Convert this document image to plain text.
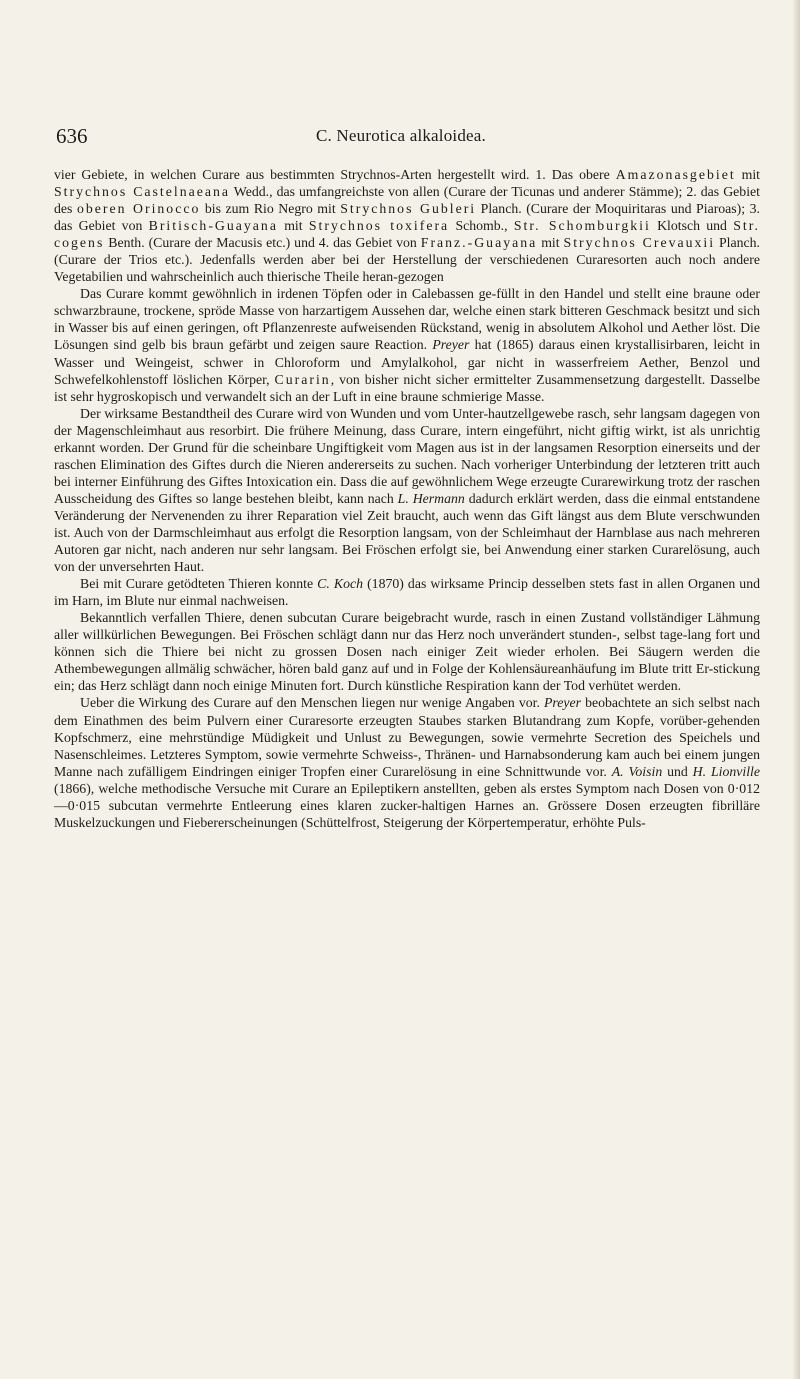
636	C. Neurotica alkaloidea.

vier Gebiete, in welchen Curare aus bestimmten Strychnos-Arten hergestellt wird. 1. Das obere Amazonasgebiet mit Strychnos Castelnaeana Wedd., das umfangreichste von allen (Curare der Ticunas und anderer Stämme); 2. das Gebiet des oberen Orinocco bis zum Rio Negro mit Strychnos Gubleri Planch. (Curare der Moquiritaras und Piaroas); 3. das Gebiet von Britisch-Guayana mit Strychnos toxifera Schomb., Str. Schomburgkii Klotsch und Str. cogens Benth. (Curare der Macusis etc.) und 4. das Gebiet von Franz.-Guayana mit Strychnos Crevauxii Planch. (Curare der Trios etc.). Jedenfalls werden aber bei der Herstellung der verschiedenen Curaresorten auch noch andere Vegetabilien und wahrscheinlich auch thierische Theile heran-gezogen

Das Curare kommt gewöhnlich in irdenen Töpfen oder in Calebassen ge-füllt in den Handel und stellt eine braune oder schwarzbraune, trockene, spröde Masse von harzartigem Aussehen dar, welche einen stark bitteren Geschmack besitzt und sich in Wasser bis auf einen geringen, oft Pflanzenreste aufweisenden Rückstand, wenig in absolutem Alkohol und Aether löst. Die Lösungen sind gelb bis braun gefärbt und zeigen saure Reaction. Preyer hat (1865) daraus einen krystallisirbaren, leicht in Wasser und Weingeist, schwer in Chloroform und Amylalkohol, gar nicht in wasserfreiem Aether, Benzol und Schwefelkohlenstoff löslichen Körper, Curarin, von bisher nicht sicher ermittelter Zusammensetzung dargestellt. Dasselbe ist sehr hygroskopisch und verwandelt sich an der Luft in eine braune schmierige Masse.

Der wirksame Bestandtheil des Curare wird von Wunden und vom Unter-hautzellgewebe rasch, sehr langsam dagegen von der Magenschleimhaut aus resorbirt. Die frühere Meinung, dass Curare, intern eingeführt, nicht giftig wirkt, ist als unrichtig erkannt worden. Der Grund für die scheinbare Ungiftigkeit vom Magen aus ist in der langsamen Resorption einerseits und der raschen Elimination des Giftes durch die Nieren andererseits zu suchen. Nach vorheriger Unterbindung der letzteren tritt auch bei interner Einführung des Giftes Intoxication ein. Dass die auf gewöhnlichem Wege erzeugte Curarewirkung trotz der raschen Ausscheidung des Giftes so lange bestehen bleibt, kann nach L. Hermann dadurch erklärt werden, dass die einmal entstandene Veränderung der Nervenenden zu ihrer Reparation viel Zeit braucht, auch wenn das Gift längst aus dem Blute verschwunden ist. Auch von der Darmschleimhaut aus erfolgt die Resorption langsam, von der Schleimhaut der Harnblase aus nach mehreren Autoren gar nicht, nach anderen nur sehr langsam. Bei Fröschen erfolgt sie, bei Anwendung einer starken Curarelösung, auch von der unversehrten Haut.

Bei mit Curare getödteten Thieren konnte C. Koch (1870) das wirksame Princip desselben stets fast in allen Organen und im Harn, im Blute nur einmal nachweisen.

Bekanntlich verfallen Thiere, denen subcutan Curare beigebracht wurde, rasch in einen Zustand vollständiger Lähmung aller willkürlichen Bewegungen. Bei Fröschen schlägt dann nur das Herz noch unverändert stunden-, selbst tage-lang fort und können sich die Thiere bei nicht zu grossen Dosen nach einiger Zeit wieder erholen. Bei Säugern werden die Athembewegungen allmälig schwächer, hören bald ganz auf und in Folge der Kohlensäureanhäufung im Blute tritt Er-stickung ein; das Herz schlägt dann noch einige Minuten fort. Durch künstliche Respiration kann der Tod verhütet werden.

Ueber die Wirkung des Curare auf den Menschen liegen nur wenige Angaben vor. Preyer beobachtete an sich selbst nach dem Einathmen des beim Pulvern einer Curaresorte erzeugten Staubes starken Blutandrang zum Kopfe, vorüber-gehenden Kopfschmerz, eine mehrstündige Müdigkeit und Unlust zu Bewegungen, sowie vermehrte Secretion des Speichels und Nasenschleimes. Letzteres Symptom, sowie vermehrte Schweiss-, Thränen- und Harnabsonderung kam auch bei einem jungen Manne nach zufälligem Eindringen einiger Tropfen einer Curarelösung in eine Schnittwunde vor. A. Voisin und H. Lionville (1866), welche methodische Versuche mit Curare an Epileptikern anstellten, geben als erstes Symptom nach Dosen von 0·012—0·015 subcutan vermehrte Entleerung eines klaren zucker-haltigen Harnes an. Grössere Dosen erzeugten fibrilläre Muskelzuckungen und Fiebererscheinungen (Schüttelfrost, Steigerung der Körpertemperatur, erhöhte Puls-
